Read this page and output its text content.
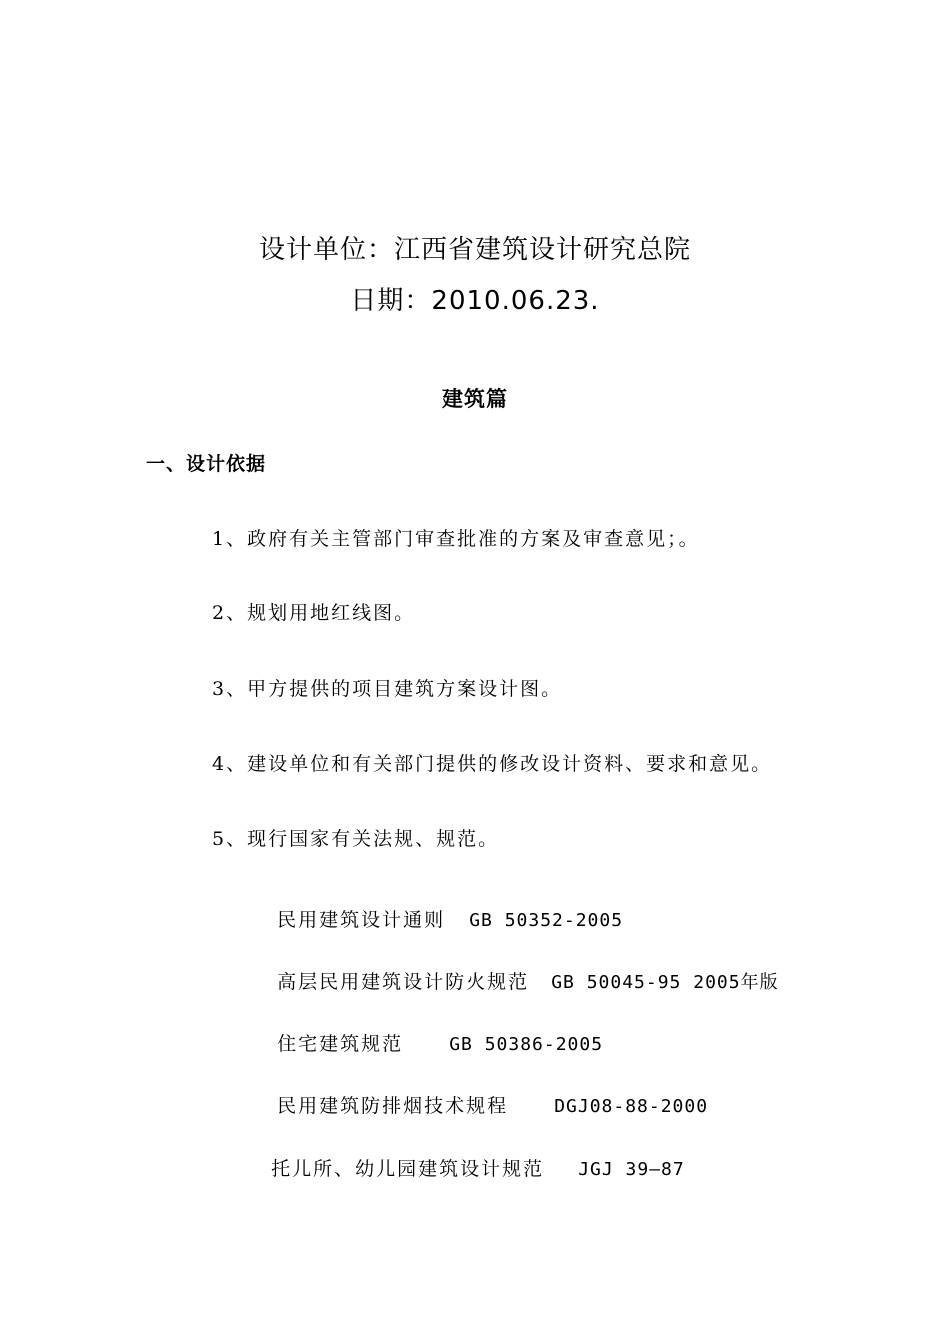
设计单位：江西省建筑设计研究总院
日期：2010.06.23.
建筑篇
一、设计依据
1、政府有关主管部门审查批准的方案及审查意见；。
2、规划用地红线图。
3、甲方提供的项目建筑方案设计图。
4、建设单位和有关部门提供的修改设计资料、要求和意见。
5、现行国家有关法规、规范。

民用建筑设计通则 GB 50352-2005

高层民用建筑设计防火规范 GB 50045-95 2005年版

住宅建筑规范	GB 50386-2005

民用建筑防排烟技术规程	DGJ08-88-2000

托儿所、幼儿园建筑设计规范 JGJ 39—87
